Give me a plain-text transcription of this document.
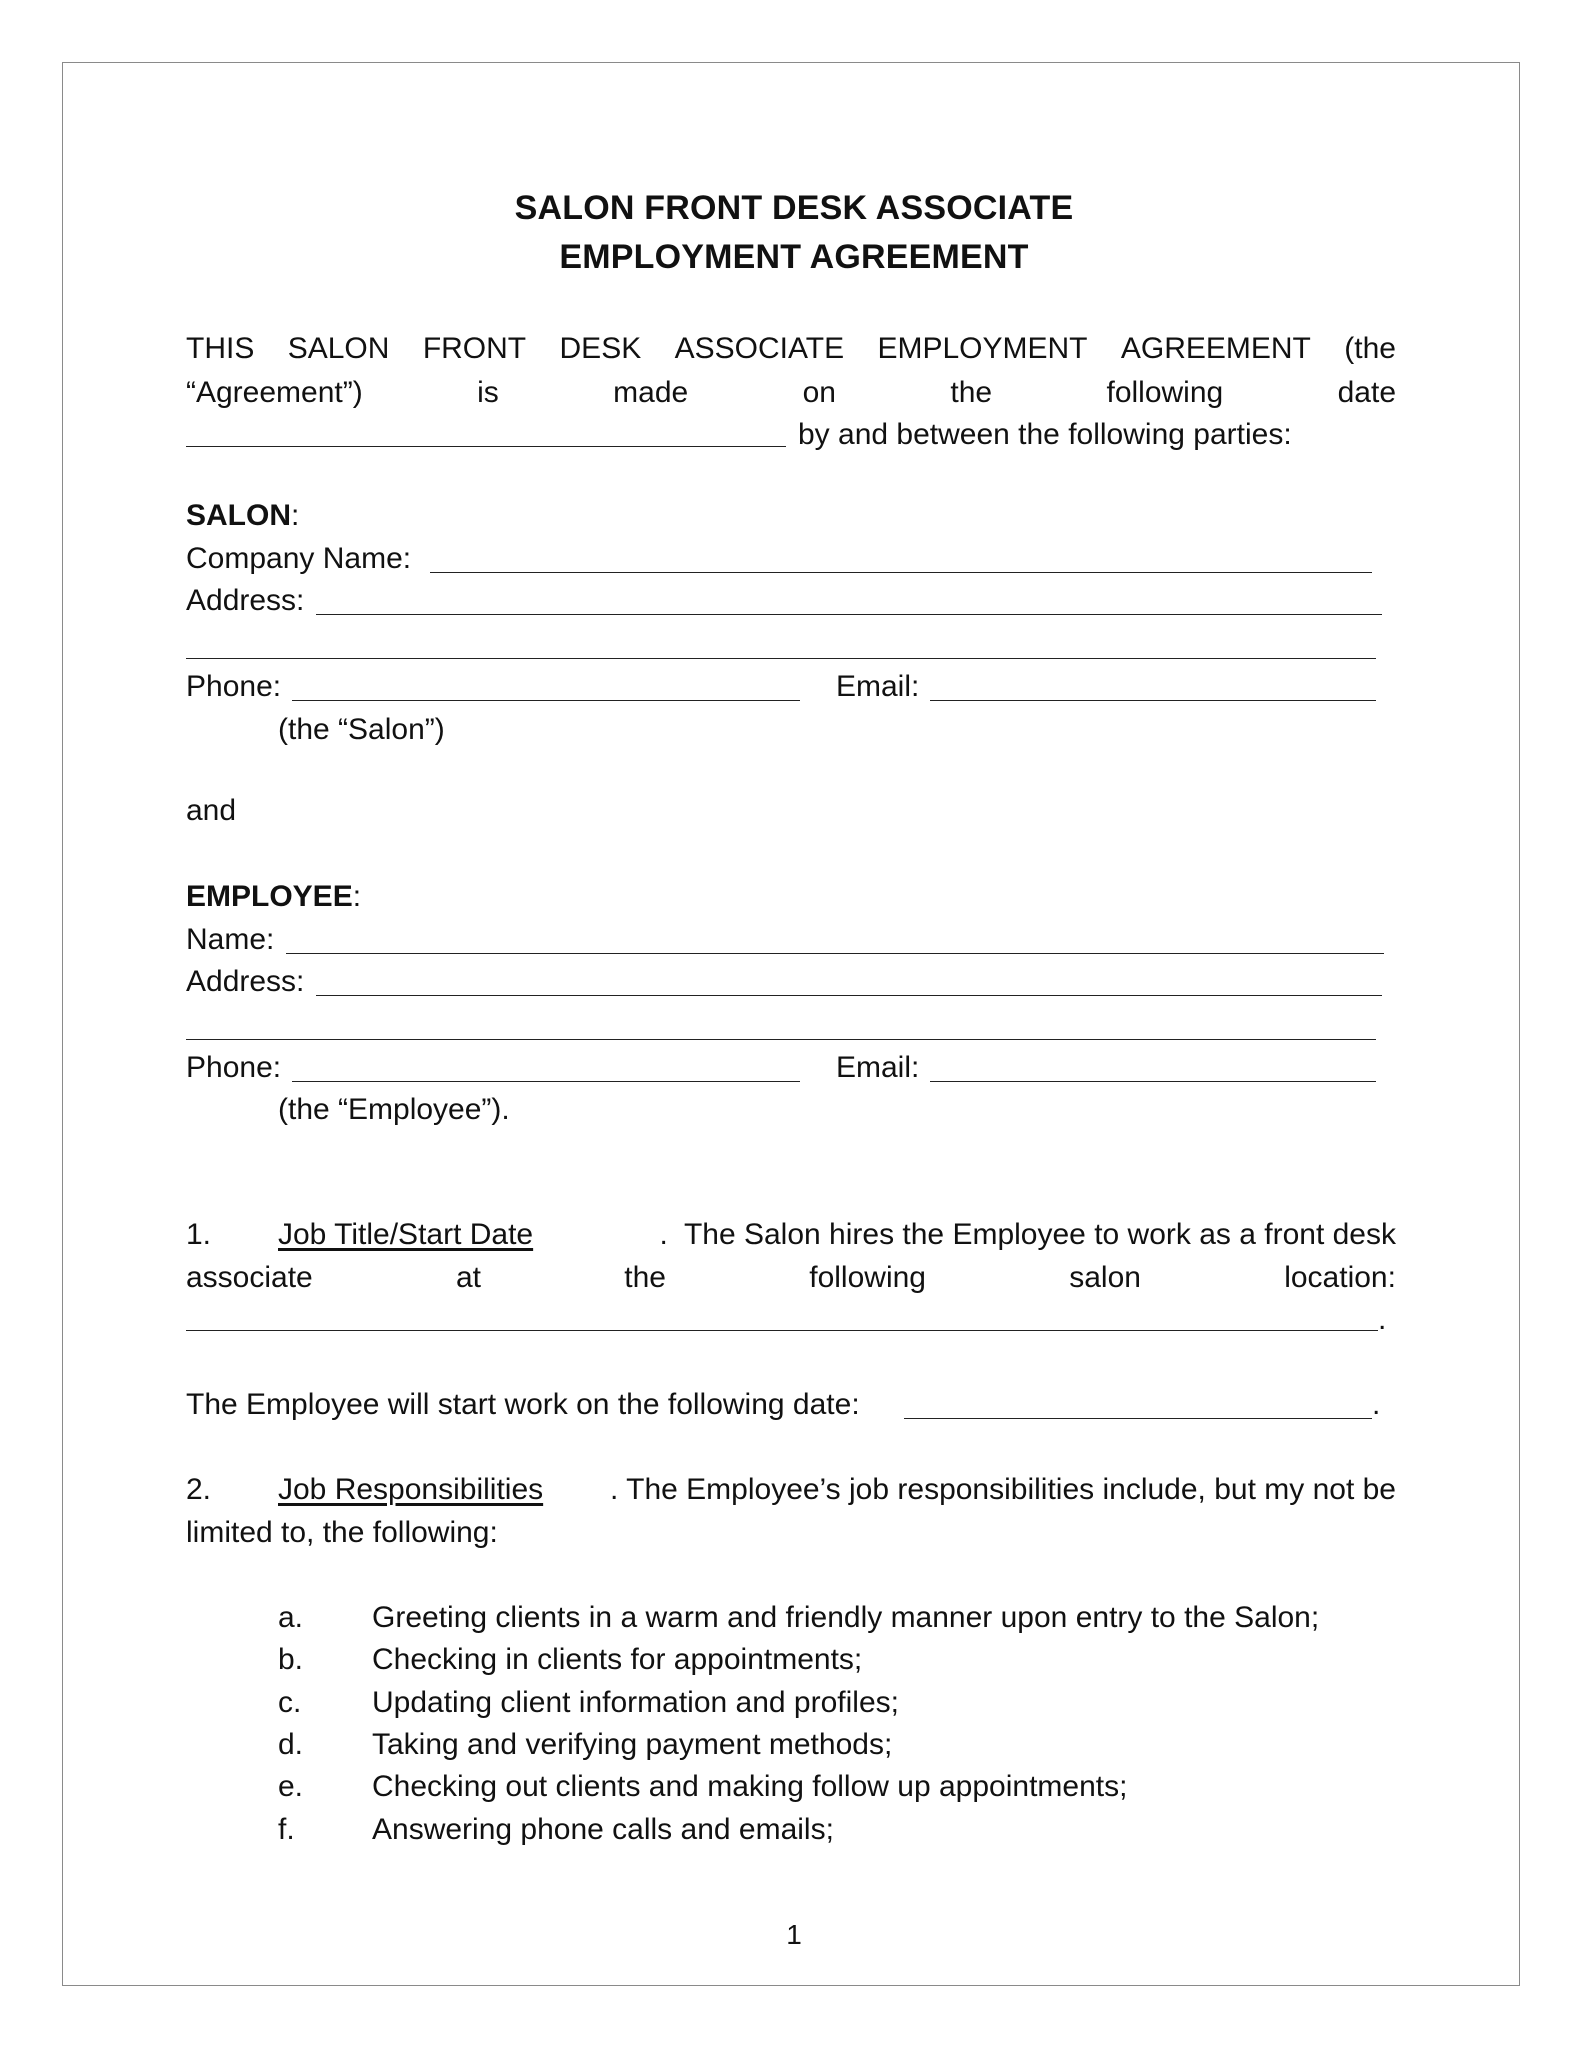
SALON FRONT DESK ASSOCIATE
EMPLOYMENT AGREEMENT
THIS SALON FRONT DESK ASSOCIATE EMPLOYMENT AGREEMENT (the
“Agreement”)	is	made	on	the	following	date
by and between the following parties:
SALON:
Company Name:
Address:
Phone:	Email:
(the “Salon”)
and
EMPLOYEE:
Name:
Address:
Phone:	Email:
(the “Employee”).
1. Job Title/Start Date	.  The Salon hires the Employee to work as a front desk
associate	at	the	following	salon	location:
.
The Employee will start work on the following date:	.
2. Job Responsibilities . The Employee’s job responsibilities include, but my not be
limited to, the following:
a. Greeting clients in a warm and friendly manner upon entry to the Salon;
b. Checking in clients for appointments;
c. Updating client information and profiles;
d. Taking and verifying payment methods;
e. Checking out clients and making follow up appointments;
f.	Answering phone calls and emails;
1
